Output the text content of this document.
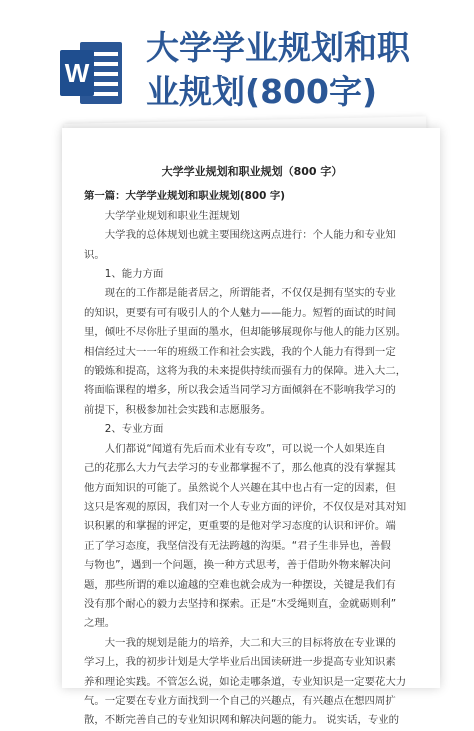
W
大学学业规划和职
业规划(800字)
大学学业规划和职业规划（800 字）

第一篇：大学学业规划和职业规划(800 字)

大学学业规划和职业生涯规划

大学我的总体规划也就主要围绕这两点进行：个人能力和专业知

识。

1、能力方面

现在的工作都是能者居之，所谓能者，不仅仅是拥有坚实的专业

的知识，更要有可有吸引人的个人魅力——能力。短暂的面试的时间

里，倾吐不尽你肚子里面的墨水，但却能够展现你与他人的能力区别。

相信经过大一一年的班级工作和社会实践，我的个人能力有得到一定

的锻炼和提高，这将为我的未来提供持续而强有力的保障。进入大二，

将面临课程的增多，所以我会适当同学习方面倾斜在不影响我学习的

前提下，积极参加社会实践和志愿服务。

2、专业方面

人们都说“闻道有先后而术业有专攻”，可以说一个人如果连自

己的花那么大力气去学习的专业都掌握不了，那么他真的没有掌握其

他方面知识的可能了。虽然说个人兴趣在其中也占有一定的因素，但

这只是客观的原因，我们对一个人专业方面的评价，不仅仅是对其对知

识积累的和掌握的评定，更重要的是他对学习态度的认识和评价。端

正了学习态度，我坚信没有无法跨越的沟渠。“君子生非异也，善假

与物也”，遇到一个问题，换一种方式思考，善于借助外物来解决问

题，那些所谓的难以逾越的空难也就会成为一种摆设，关键是我们有

没有那个耐心的毅力去坚持和探索。正是“木受绳则直，金就砺则利”

之理。

大一我的规划是能力的培养，大二和大三的目标将放在专业课的

学习上，我的初步计划是大学毕业后出国读研进一步提高专业知识素

养和理论实践。不管怎么说，如论走哪条道，专业知识是一定要花大力

气。一定要在专业方面找到一个自己的兴趣点，有兴趣点在想四周扩

散，不断完善自己的专业知识网和解决问题的能力。 说实话，专业的
